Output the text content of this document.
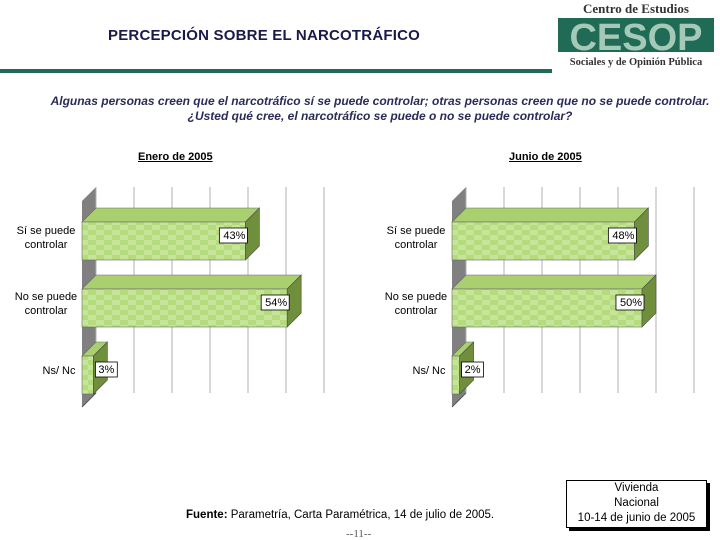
PERCEPCIÓN SOBRE EL NARCOTRÁFICO
Centro de Estudios
CESOP
Sociales y de Opinión Pública
Algunas personas creen que el narcotráfico sí se puede controlar; otras personas creen que no se puede controlar. ¿Usted qué cree, el narcotráfico se puede o no se puede controlar?
Enero de 2005	Junio de 2005
Sí se puede
controlar
No se puede
controlar
Ns/ Nc
Sí se puede
controlar
No se puede
controlar
Ns/ Nc
43%
54%
3%
48%
50%
2%
Fuente: Parametría, Carta Paramétrica, 14 de julio de 2005.
--11--
Vivienda
Nacional
10-14 de junio de 2005
